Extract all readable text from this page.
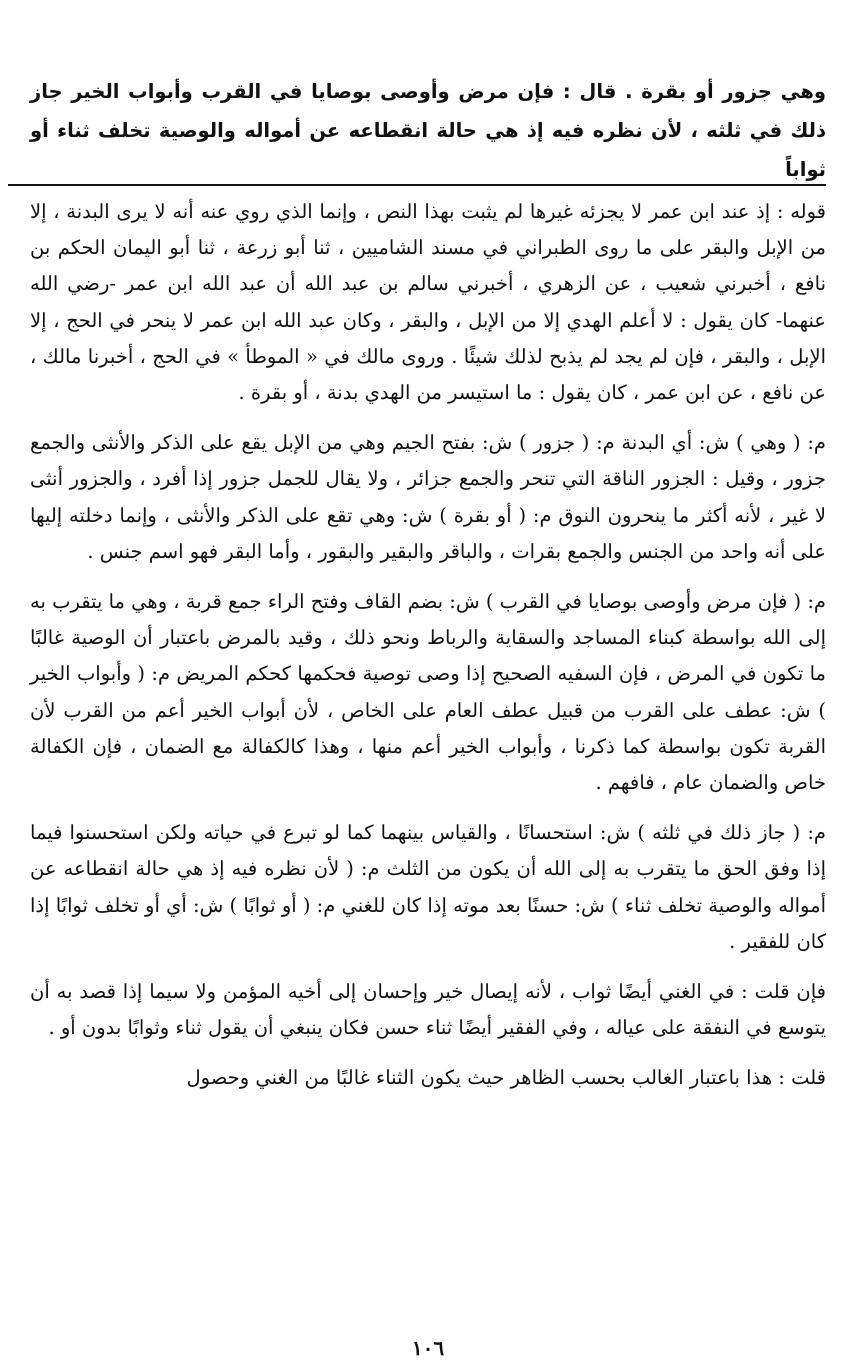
وهي جزور أو بقرة . قال : فإن مرض وأوصى بوصايا في القرب وأبواب الخير جاز ذلك في ثلثه ، لأن نظره فيه إذ هي حالة انقطاعه عن أمواله والوصية تخلف ثناء أو ثواباً

قوله : إذ عند ابن عمر لا يجزئه غيرها لم يثبت بهذا النص ، وإنما الذي روي عنه أنه لا يرى البدنة ، إلا من الإبل والبقر على ما روى الطبراني في مسند الشاميين ، ثنا أبو زرعة ، ثنا أبو اليمان الحكم بن نافع ، أخبرني شعيب ، عن الزهري ، أخبرني سالم بن عبد الله أن عبد الله ابن عمر -رضي الله عنهما- كان يقول : لا أعلم الهدي إلا من الإبل ، والبقر ، وكان عبد الله ابن عمر لا ينحر في الحج ، إلا الإبل ، والبقر ، فإن لم يجد لم يذبح لذلك شيئًا . وروى مالك في « الموطأ » في الحج ، أخبرنا مالك ، عن نافع ، عن ابن عمر ، كان يقول : ما استيسر من الهدي بدنة ، أو بقرة .

م: ( وهي ) ش: أي البدنة م: ( جزور ) ش: بفتح الجيم وهي من الإبل يقع على الذكر والأنثى والجمع جزور ، وقيل : الجزور الناقة التي تنحر والجمع جزائر ، ولا يقال للجمل جزور إذا أفرد ، والجزور أنثى لا غير ، لأنه أكثر ما ينحرون النوق م: ( أو بقرة ) ش: وهي تقع على الذكر والأنثى ، وإنما دخلته إليها على أنه واحد من الجنس والجمع بقرات ، والباقر والبقير والبقور ، وأما البقر فهو اسم جنس .

م: ( فإن مرض وأوصى بوصايا في القرب ) ش: بضم القاف وفتح الراء جمع قربة ، وهي ما يتقرب به إلى الله بواسطة كبناء المساجد والسقاية والرباط ونحو ذلك ، وقيد بالمرض باعتبار أن الوصية غالبًا ما تكون في المرض ، فإن السفيه الصحيح إذا وصى توصية فحكمها كحكم المريض م: ( وأبواب الخير ) ش: عطف على القرب من قبيل عطف العام على الخاص ، لأن أبواب الخير أعم من القرب لأن القربة تكون بواسطة كما ذكرنا ، وأبواب الخير أعم منها ، وهذا كالكفالة مع الضمان ، فإن الكفالة خاص والضمان عام ، فافهم .

م: ( جاز ذلك في ثلثه ) ش: استحسانًا ، والقياس بينهما كما لو تبرع في حياته ولكن استحسنوا فيما إذا وفق الحق ما يتقرب به إلى الله أن يكون من الثلث م: ( لأن نظره فيه إذ هي حالة انقطاعه عن أمواله والوصية تخلف ثناء ) ش: حسنًا بعد موته إذا كان للغني م: ( أو ثوابًا ) ش: أي أو تخلف ثوابًا إذا كان للفقير .

فإن قلت : في الغني أيضًا ثواب ، لأنه إيصال خير وإحسان إلى أخيه المؤمن ولا سيما إذا قصد به أن يتوسع في النفقة على عياله ، وفي الفقير أيضًا ثناء حسن فكان ينبغي أن يقول ثناء وثوابًا بدون أو .

قلت : هذا باعتبار الغالب بحسب الظاهر حيث يكون الثناء غالبًا من الغني وحصول

١٠٦
